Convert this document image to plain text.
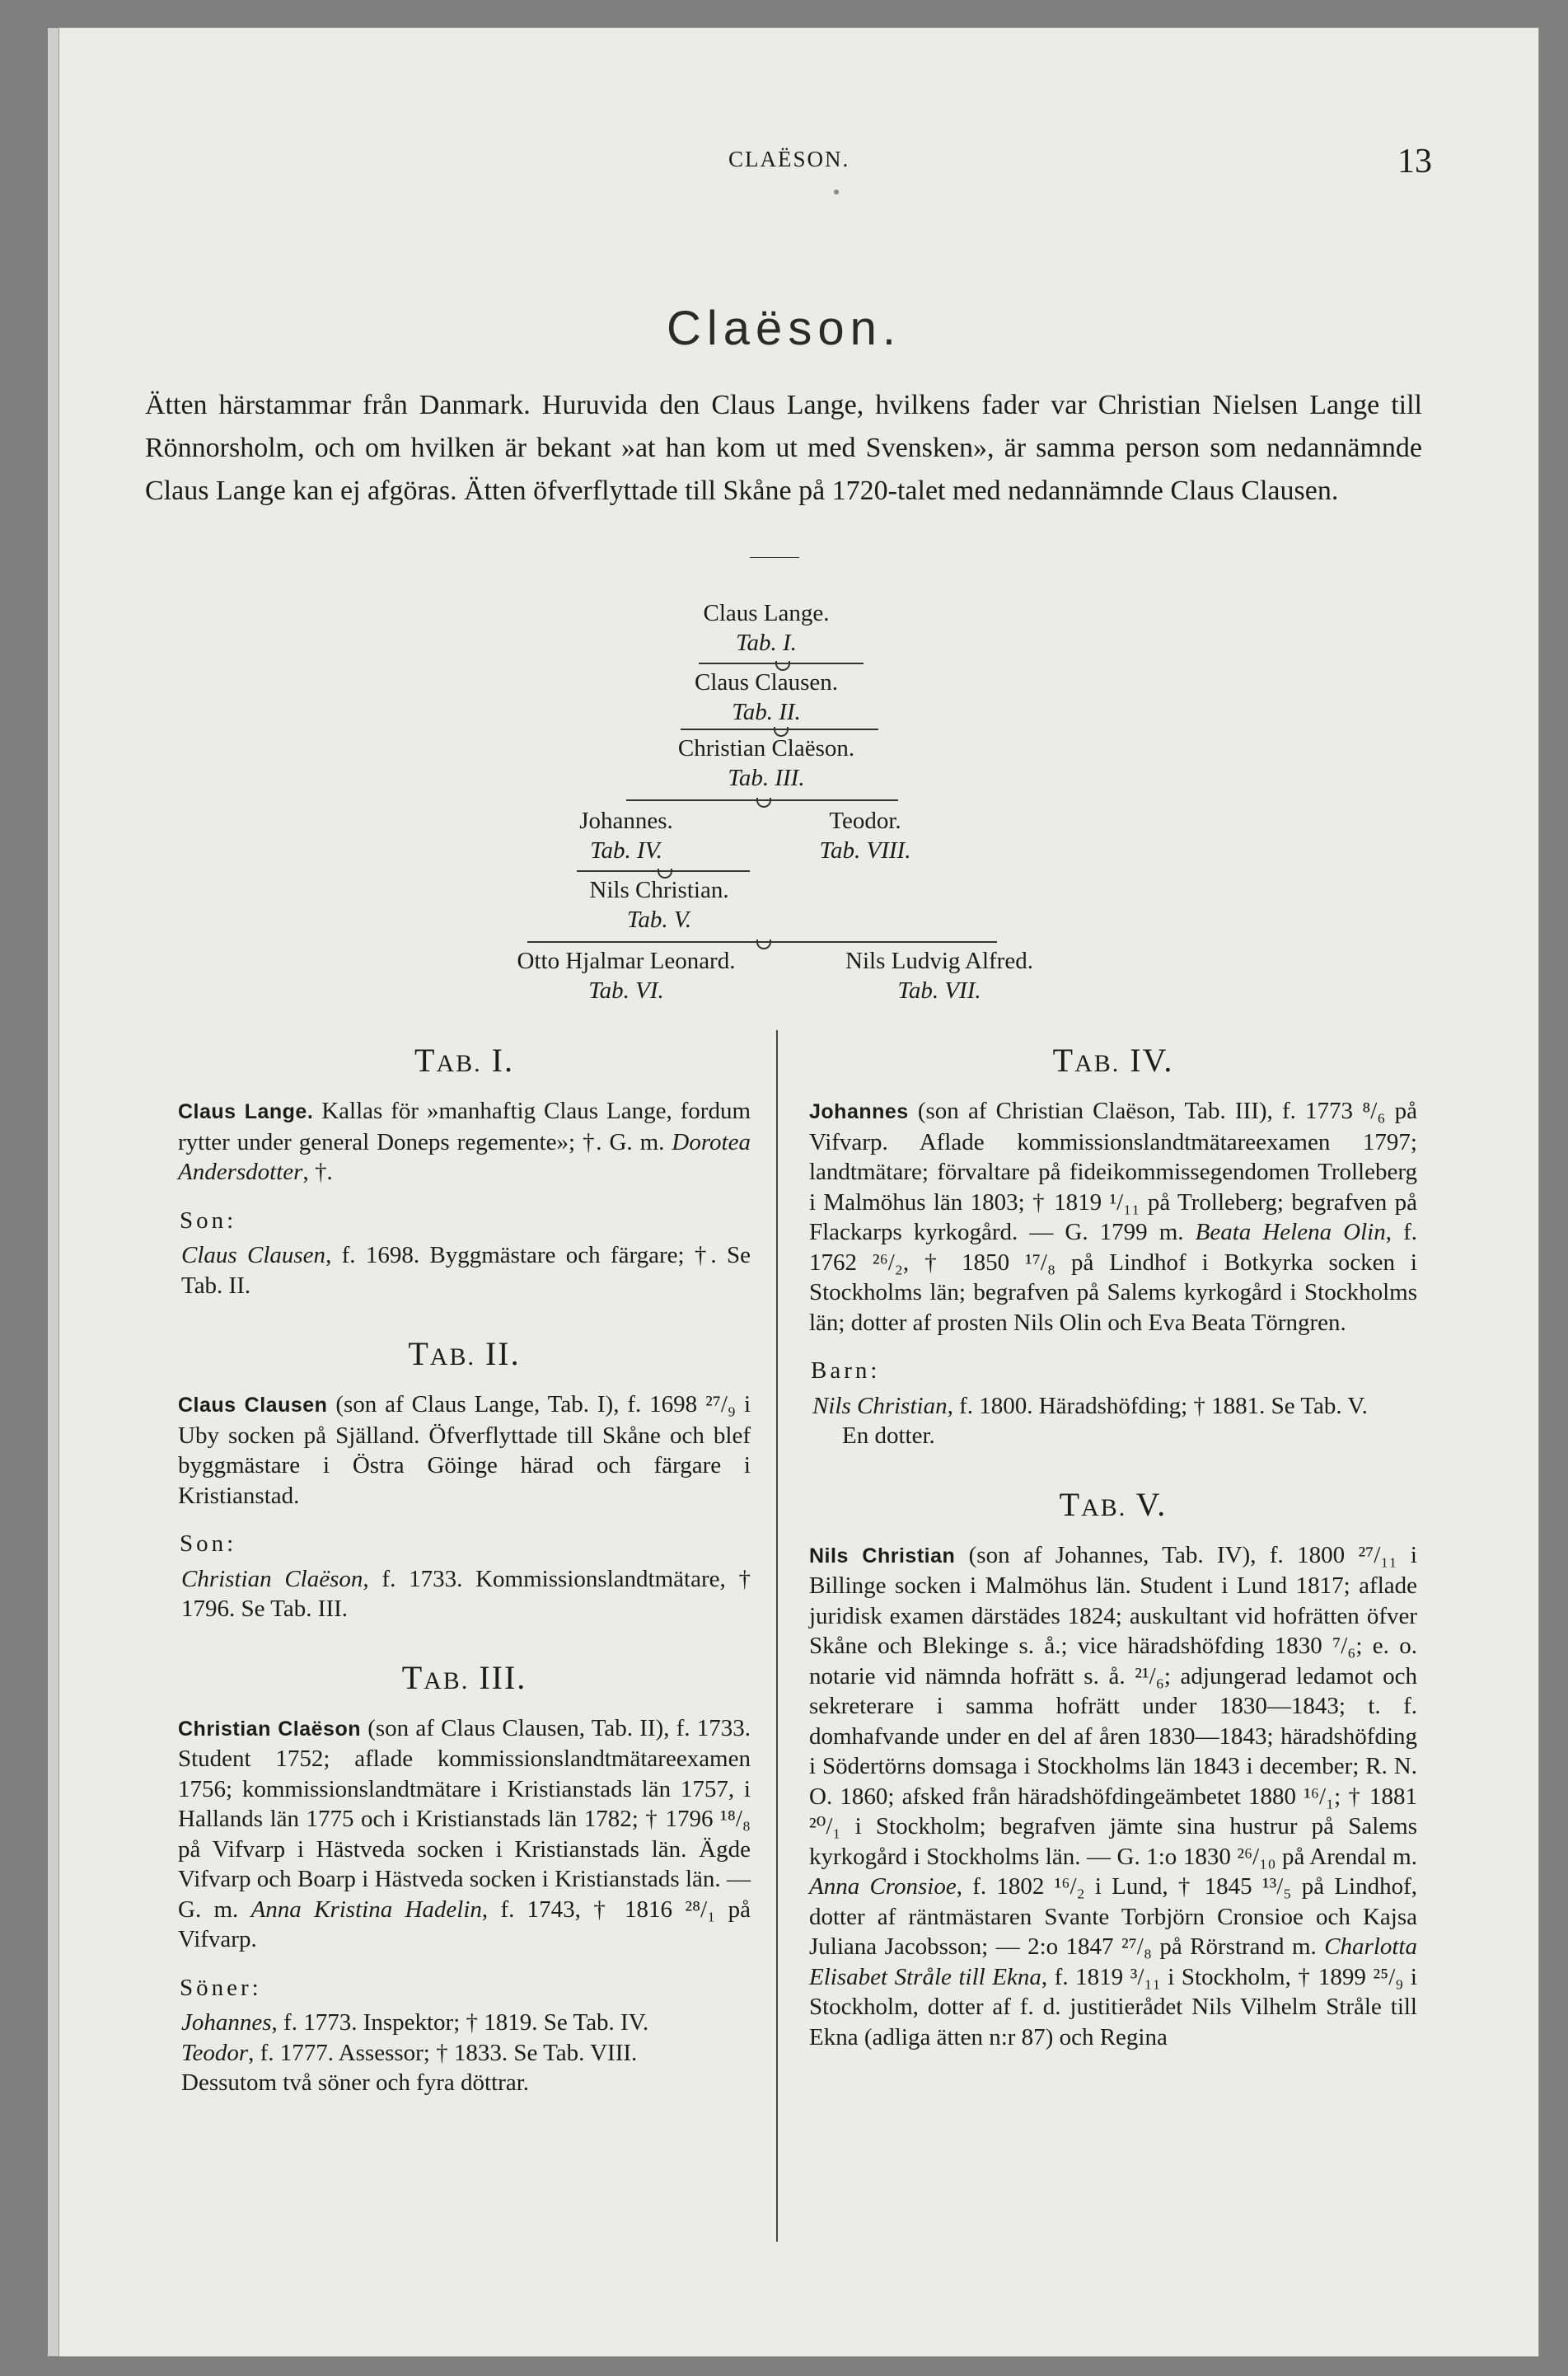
CLAËSON.	13
Claëson.

Ätten härstammar från Danmark. Huruvida den Claus Lange, hvilkens fader var Christian Nielsen Lange till Rönnorsholm, och om hvilken är bekant »at han kom ut med Svensken», är samma person som nedannämnde Claus Lange kan ej afgöras. Ätten öfverflyttade till Skåne på 1720-talet med nedannämnde Claus Clausen.

Claus Lange.
Tab. I.
Claus Clausen.
Tab. II.
Christian Claëson.
Tab. III.
Johannes.
Tab. IV.
Teodor.
Tab. VIII.
Nils Christian.
Tab. V.
Otto Hjalmar Leonard.
Tab. VI.
Nils Ludvig Alfred.
Tab. VII.
TAB. I.

Claus Lange. Kallas för »manhaftig Claus Lange, fordum rytter under general Doneps regemente»; †. G. m. Dorotea Andersdotter, †.

Son:

Claus Clausen, f. 1698. Byggmästare och färgare; †. Se Tab. II.

TAB. II.

Claus Clausen (son af Claus Lange, Tab. I), f. 1698 ²⁷/₉ i Uby socken på Själland. Öfverflyttade till Skåne och blef byggmästare i Östra Göinge härad och färgare i Kristianstad.

Son:

Christian Claëson, f. 1733. Kommissionslandtmätare, † 1796. Se Tab. III.

TAB. III.

Christian Claëson (son af Claus Clausen, Tab. II), f. 1733. Student 1752; aflade kommissionslandtmätareexamen 1756; kommissionslandtmätare i Kristianstads län 1757, i Hallands län 1775 och i Kristianstads län 1782; † 1796 ¹⁸/₈ på Vifvarp i Hästveda socken i Kristianstads län. Ägde Vifvarp och Boarp i Hästveda socken i Kristianstads län. — G. m. Anna Kristina Hadelin, f. 1743, † 1816 ²⁸/₁ på Vifvarp.

Söner:

Johannes, f. 1773. Inspektor; † 1819. Se Tab. IV.

Teodor, f. 1777. Assessor; † 1833. Se Tab. VIII.

Dessutom två söner och fyra döttrar.

TAB. IV.

Johannes (son af Christian Claëson, Tab. III), f. 1773 ⁸/₆ på Vifvarp. Aflade kommissionslandtmätareexamen 1797; landtmätare; förvaltare på fideikommissegendomen Trolleberg i Malmöhus län 1803; † 1819 ¹/₁₁ på Trolleberg; begrafven på Flackarps kyrkogård. — G. 1799 m. Beata Helena Olin, f. 1762 ²⁶/₂, † 1850 ¹⁷/₈ på Lindhof i Botkyrka socken i Stockholms län; begrafven på Salems kyrkogård i Stockholms län; dotter af prosten Nils Olin och Eva Beata Törngren.

Barn:

Nils Christian, f. 1800. Häradshöfding; † 1881. Se Tab. V.

En dotter.

TAB. V.

Nils Christian (son af Johannes, Tab. IV), f. 1800 ²⁷/₁₁ i Billinge socken i Malmöhus län. Student i Lund 1817; aflade juridisk examen därstädes 1824; auskultant vid hofrätten öfver Skåne och Blekinge s. å.; vice häradshöfding 1830 ⁷/₆; e. o. notarie vid nämnda hofrätt s. å. ²¹/₆; adjungerad ledamot och sekreterare i samma hofrätt under 1830—1843; t. f. domhafvande under en del af åren 1830—1843; häradshöfding i Södertörns domsaga i Stockholms län 1843 i december; R. N. O. 1860; afsked från häradshöfdingeämbetet 1880 ¹⁶/₁; † 1881 ²⁰/₁ i Stockholm; begrafven jämte sina hustrur på Salems kyrkogård i Stockholms län. — G. 1:o 1830 ²⁶/₁₀ på Arendal m. Anna Cronsioe, f. 1802 ¹⁶/₂ i Lund, † 1845 ¹³/₅ på Lindhof, dotter af räntmästaren Svante Torbjörn Cronsioe och Kajsa Juliana Jacobsson; — 2:o 1847 ²⁷/₈ på Rörstrand m. Charlotta Elisabet Stråle till Ekna, f. 1819 ³/₁₁ i Stockholm, † 1899 ²⁵/₉ i Stockholm, dotter af f. d. justitierådet Nils Vilhelm Stråle till Ekna (adliga ätten n:r 87) och Regina
